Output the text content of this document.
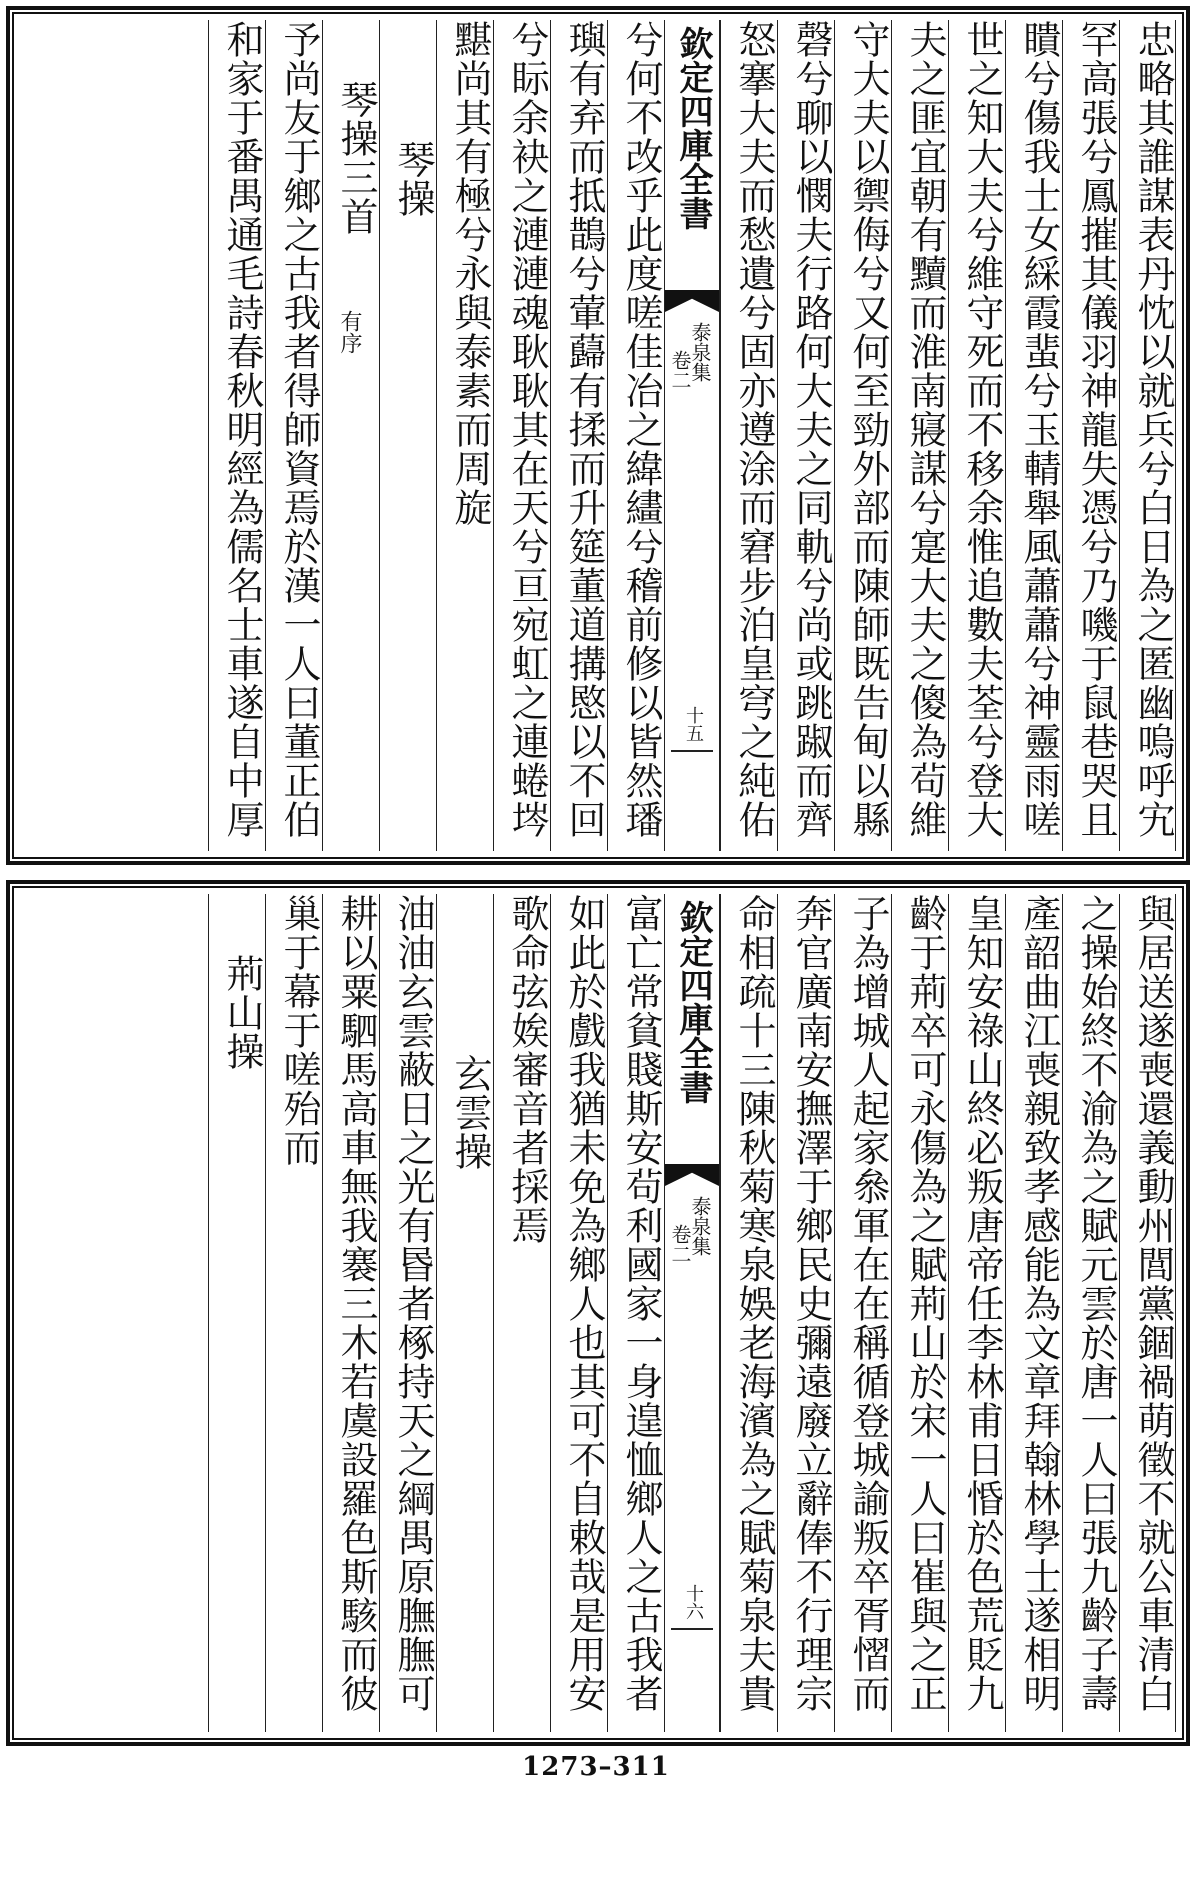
忠略其誰謀表丹忱以就兵兮白日為之匿幽嗚呼宄
罕高張兮鳳摧其儀羽神龍失憑兮乃嘰于鼠巷哭且
瞶兮傷我士女綵霞蜚兮玉輤舉風蕭蕭兮神靈雨嗟
世之知大夫兮維守死而不移余惟追數夫荃兮登大
夫之匪宜朝有黷而淮南寢謀兮寔大夫之傻為茍維
守大夫以禦侮兮又何至勁外部而陳師既告甸以縣
磬兮聊以憫夫行路何大夫之同軌兮尚或跳踧而齊
怒搴大夫而愁遺兮固亦遵涂而窘步泊皇穹之純佑
欽定四庫全書
泰泉集
卷二
十五
兮何不改乎此度嗟佳冶之緯繣兮稽前修以皆然璠
璵有弃而抵鵲兮葷蘬有揉而升筵董道搆愍以不回
兮眎余袂之漣漣魂耿耿其在天兮亘宛虹之連蜷埁
黮尚其有極兮永與泰素而周旋
琴操
琴操三首
有序
予尚友于鄉之古我者得師資焉於漢一人曰董正伯
和家于番禺通毛詩春秋明經為儒名士車遂自中厚
與居送遂喪還義動州閭黨錮禍萌徵不就公車清白
之操始終不渝為之賦元雲於唐一人曰張九齡子壽
產韶曲江喪親致孝感能為文章拜翰林學士遂相明
皇知安祿山終必叛唐帝任李林甫日惛於色荒貶九
齡于荊卒可永傷為之賦荊山於宋一人曰崔與之正
子為增城人起家叅軍在在稱循登城諭叛卒胥慴而
奔官廣南安撫澤于鄉民史彌遠廢立辭俸不行理宗
命相疏十三陳秋菊寒泉娛老海濱為之賦菊泉夫貴
欽定四庫全書
泰泉集
卷二
十六
富亡常貧賤斯安茍利國家一身遑恤鄉人之古我者
如此於戲我猶未免為鄉人也其可不自敕哉是用安
歌命弦娭審音者採焉
玄雲操
油油玄雲蔽日之光有昬者椓持天之綱禺原膴膴可
耕以粟駟馬高車無我褰三木若虞設羅色斯駭而彼
巢于幕于嗟殆而
荊山操
1273–311
